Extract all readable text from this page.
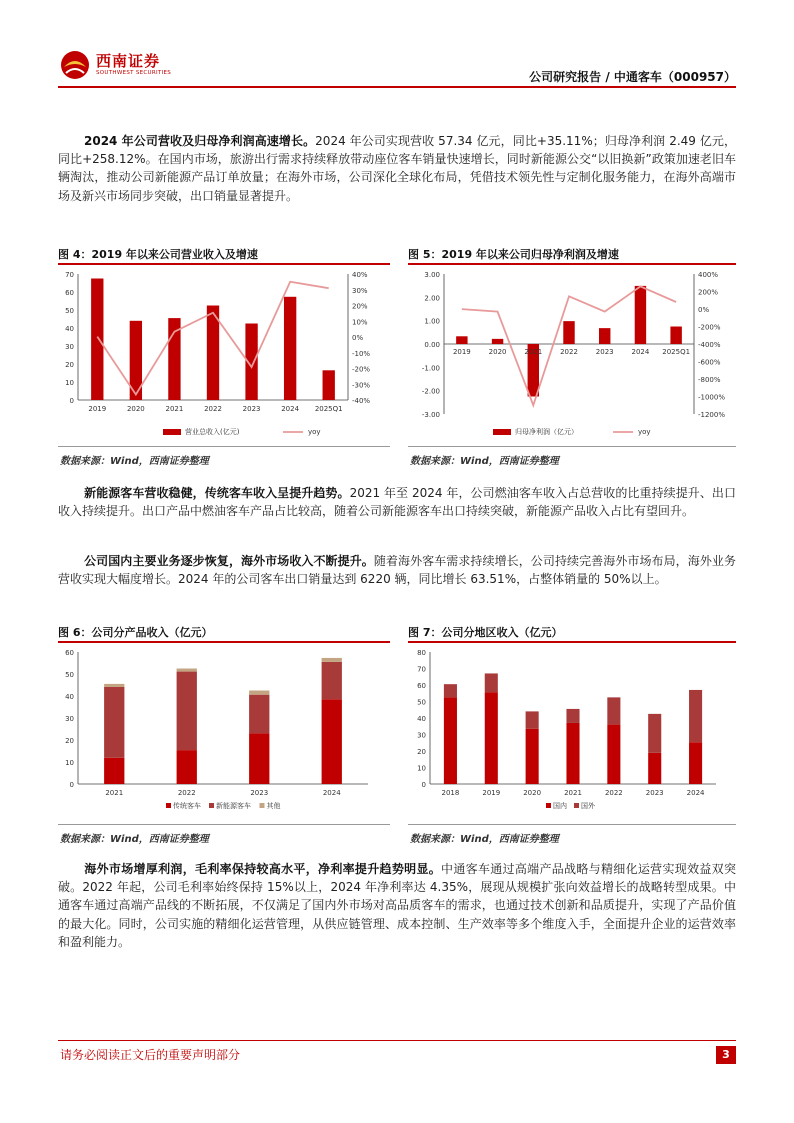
西南证券
SOUTHWEST SECURITIES	公司研究报告 / 中通客车（000957）
2024 年公司营收及归母净利润高速增长。2024 年公司实现营收 57.34 亿元，同比+35.11%；归母净利润 2.49 亿元，同比+258.12%。在国内市场，旅游出行需求持续释放带动座位客车销量快速增长，同时新能源公交“以旧换新”政策加速老旧车辆淘汰，推动公司新能源产品订单放量；在海外市场，公司深化全球化布局，凭借技术领先性与定制化服务能力，在海外高端市场及新兴市场同步突破，出口销量显著提升。
图 4：2019 年以来公司营业收入及增速	图 5：2019 年以来公司归母净利润及增速
0
10
20
30
40
50
60
70
-40%
-30%
-20%
-10%
0%
10%
20%
30%
40%
2019	2020	2021	2022	2023	2024 2025Q1
营业总收入(亿元)	yoy
-3.00
-2.00
-1.00
0.00
1.00
2.00
3.00
-1200%
-1000%
-800%
-600%
-400%
-200%
0%
200%
400%
2019	2020	2021	2022	2023	2024 2025Q1
归母净利润（亿元）	yoy
数据来源：Wind，西南证券整理	数据来源：Wind，西南证券整理
新能源客车营收稳健，传统客车收入呈提升趋势。2021 年至 2024 年，公司燃油客车收入占总营收的比重持续提升、出口收入持续提升。出口产品中燃油客车产品占比较高，随着公司新能源客车出口持续突破，新能源产品收入占比有望回升。
公司国内主要业务逐步恢复，海外市场收入不断提升。随着海外客车需求持续增长，公司持续完善海外市场布局，海外业务营收实现大幅度增长。2024 年的公司客车出口销量达到 6220 辆，同比增长 63.51%，占整体销量的 50%以上。
图 6：公司分产品收入（亿元）	图 7：公司分地区收入（亿元）
0
10
20
30
40
50
60
2021	2022	2023	2024
传统客车 新能源客车 其他
0
10
20
30
40
50
60
70
80
2018	2019	2020	2021	2022	2023	2024
国内 国外
数据来源：Wind，西南证券整理	数据来源：Wind，西南证券整理
海外市场增厚利润，毛利率保持较高水平，净利率提升趋势明显。中通客车通过高端产品战略与精细化运营实现效益双突破。2022 年起，公司毛利率始终保持 15%以上，2024 年净利率达 4.35%，展现从规模扩张向效益增长的战略转型成果。中通客车通过高端产品线的不断拓展，不仅满足了国内外市场对高品质客车的需求，也通过技术创新和品质提升，实现了产品价值的最大化。同时，公司实施的精细化运营管理，从供应链管理、成本控制、生产效率等多个维度入手，全面提升企业的运营效率和盈利能力。
请务必阅读正文后的重要声明部分	3
